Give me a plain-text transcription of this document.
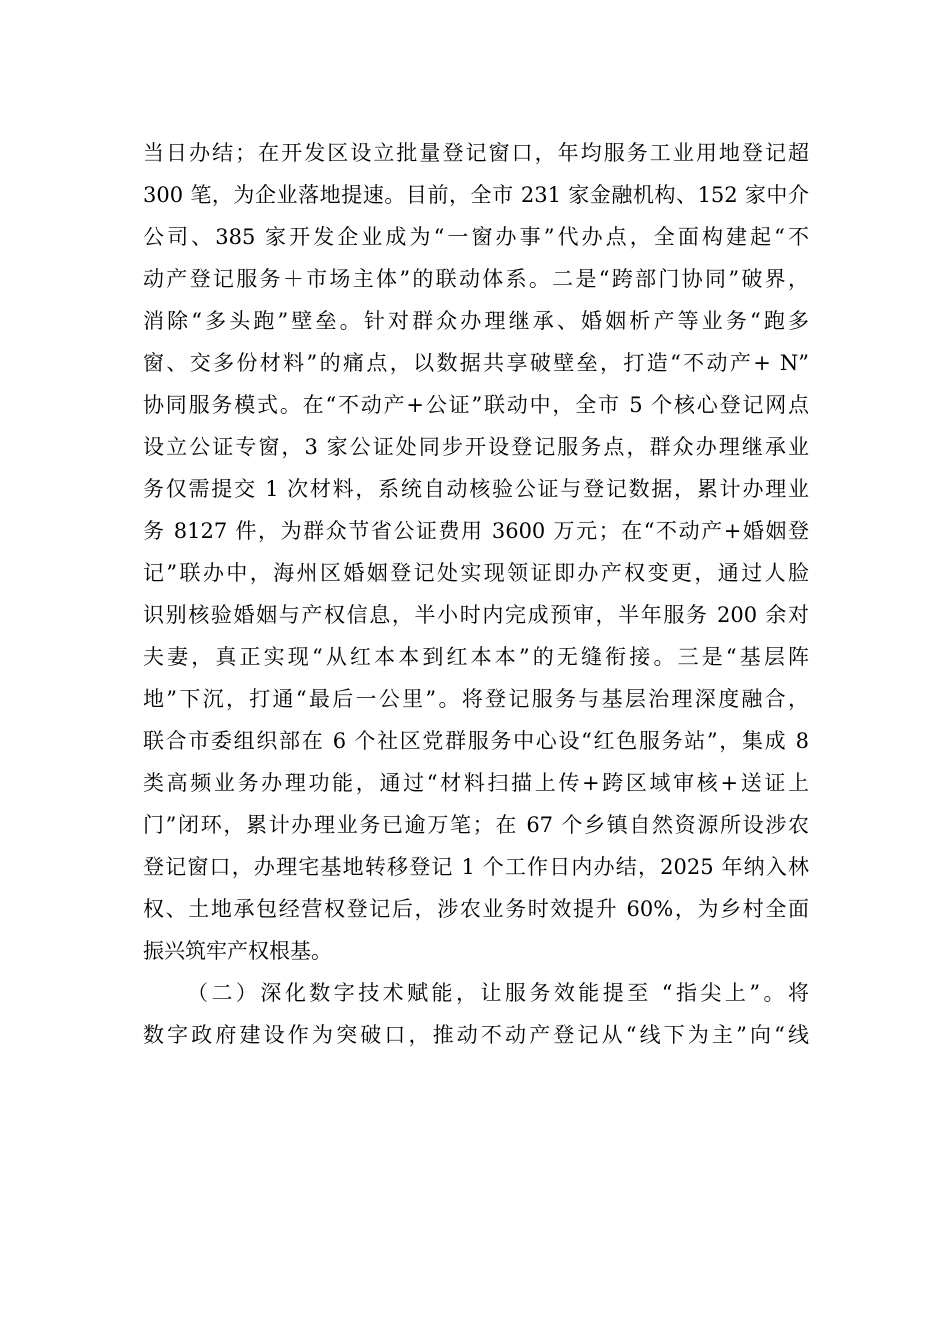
当日办结；在开发区设立批量登记窗口，年均服务工业用地登记超
300 笔，为企业落地提速。目前，全市 231 家金融机构、152 家中介
公司、385 家开发企业成为“一窗办事”代办点，全面构建起“不
动产登记服务＋市场主体”的联动体系。二是“跨部门协同”破界，
消除“多头跑”壁垒。针对群众办理继承、婚姻析产等业务“跑多
窗、交多份材料”的痛点，以数据共享破壁垒，打造“不动产+ N”
协同服务模式。在“不动产+公证”联动中，全市 5 个核心登记网点
设立公证专窗，3 家公证处同步开设登记服务点，群众办理继承业
务仅需提交 1 次材料，系统自动核验公证与登记数据，累计办理业
务 8127 件，为群众节省公证费用 3600 万元；在“不动产+婚姻登
记”联办中，海州区婚姻登记处实现领证即办产权变更，通过人脸
识别核验婚姻与产权信息，半小时内完成预审，半年服务 200 余对
夫妻，真正实现“从红本本到红本本”的无缝衔接。三是“基层阵
地”下沉，打通“最后一公里”。将登记服务与基层治理深度融合，
联合市委组织部在 6 个社区党群服务中心设“红色服务站”，集成 8
类高频业务办理功能，通过“材料扫描上传+跨区域审核+送证上
门”闭环，累计办理业务已逾万笔；在 67 个乡镇自然资源所设涉农
登记窗口，办理宅基地转移登记 1 个工作日内办结，2025 年纳入林
权、土地承包经营权登记后，涉农业务时效提升 60%，为乡村全面
振兴筑牢产权根基。
（二）深化数字技术赋能，让服务效能提至 “指尖上”。将
数字政府建设作为突破口，推动不动产登记从“线下为主”向“线
